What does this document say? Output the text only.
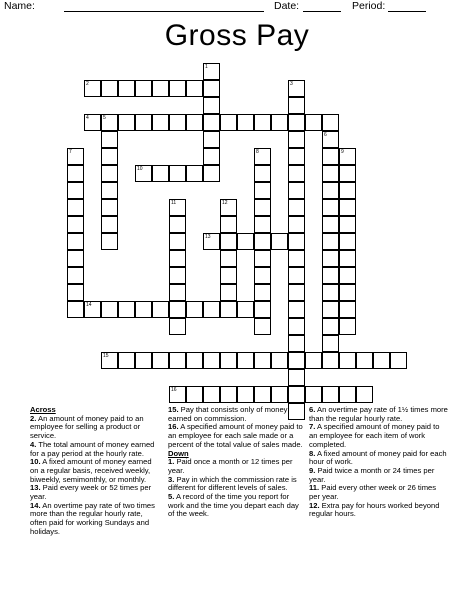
Name:	Date:	Period:
Gross Pay
1
2	3
4	5
6
7	8	9
10
11	12
13
14
15
16
Across

2. An amount of money paid to an employee for selling a product or service.

4. The total amount of money earned for a pay period at the hourly rate.

10. A fixed amount of money earned on a regular basis, received weekly, biweekly, semimonthly, or monthly.

13. Paid every week or 52 times per year.

14. An overtime pay rate of two times more than the regular hourly rate, often paid for working Sundays and holidays.

15. Pay that consists only of money earned on commission.

16. A specified amount of money paid to an employee for each sale made or a percent of the total value of sales made.

Down

1. Paid once a month or 12 times per year.

3. Pay in which the commission rate is different for different levels of sales.

5. A record of the time you report for work and the time you depart each day of the week.

6. An overtime pay rate of 1½ times more than the regular hourly rate.

7. A specified amount of money paid to an employee for each item of work completed.

8. A fixed amount of money paid for each hour of work.

9. Paid twice a month or 24 times per year.

11. Paid every other week or 26 times per year.

12. Extra pay for hours worked beyond regular hours.
